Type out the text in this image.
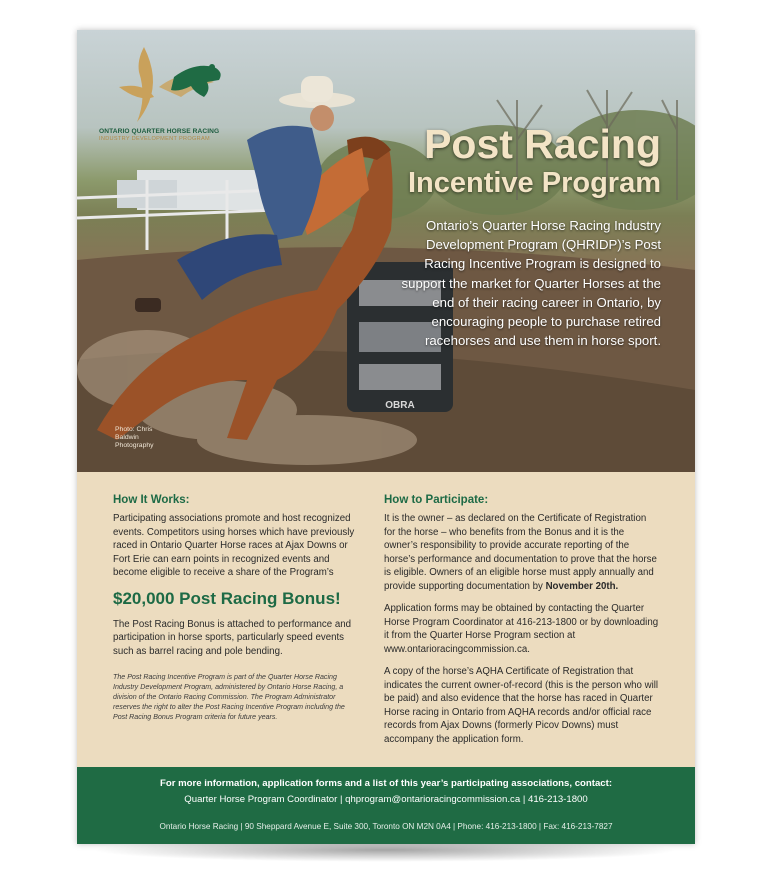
OBRA
ONTARIO QUARTER HORSE RACING
INDUSTRY DEVELOPMENT PROGRAM	Post Racing
Incentive Program
Ontario’s Quarter Horse Racing Industry Development Program (QHRIDP)’s Post Racing Incentive Program is designed to support the market for Quarter Horses at the end of their racing career in Ontario, by encouraging people to purchase retired racehorses and use them in horse sport.
Photo: Chris Baldwin Photography
How It Works:

Participating associations promote and host recognized events. Competitors using horses which have previously raced in Ontario Quarter Horse races at Ajax Downs or Fort Erie can earn points in recognized events and become eligible to receive a share of the Program’s

$20,000 Post Racing Bonus!

The Post Racing Bonus is attached to performance and participation in horse sports, particularly speed events such as barrel racing and pole bending.

The Post Racing Incentive Program is part of the Quarter Horse Racing Industry Development Program, administered by Ontario Horse Racing, a division of the Ontario Racing Commission. The Program Administrator reserves the right to alter the Post Racing Incentive Program including the Post Racing Bonus Program criteria for future years.
How to Participate:

It is the owner – as declared on the Certificate of Registration for the horse – who benefits from the Bonus and it is the owner’s responsibility to provide accurate reporting of the horse’s performance and documentation to prove that the horse is eligible. Owners of an eligible horse must apply annually and provide supporting documentation by November 20th.

Application forms may be obtained by contacting the Quarter Horse Program Coordinator at 416-213-1800 or by downloading it from the Quarter Horse Program section at www.ontarioracingcommission.ca.

A copy of the horse’s AQHA Certificate of Registration that indicates the current owner-of-record (this is the person who will be paid) and also evidence that the horse has raced in Quarter Horse racing in Ontario from AQHA records and/or official race records from Ajax Downs (formerly Picov Downs) must accompany the application form.

For more information, application forms and a list of this year’s participating associations, contact:
Quarter Horse Program Coordinator | qhprogram@ontarioracingcommission.ca | 416-213-1800
Ontario Horse Racing | 90 Sheppard Avenue E, Suite 300, Toronto ON M2N 0A4 | Phone: 416-213-1800 | Fax: 416-213-7827
